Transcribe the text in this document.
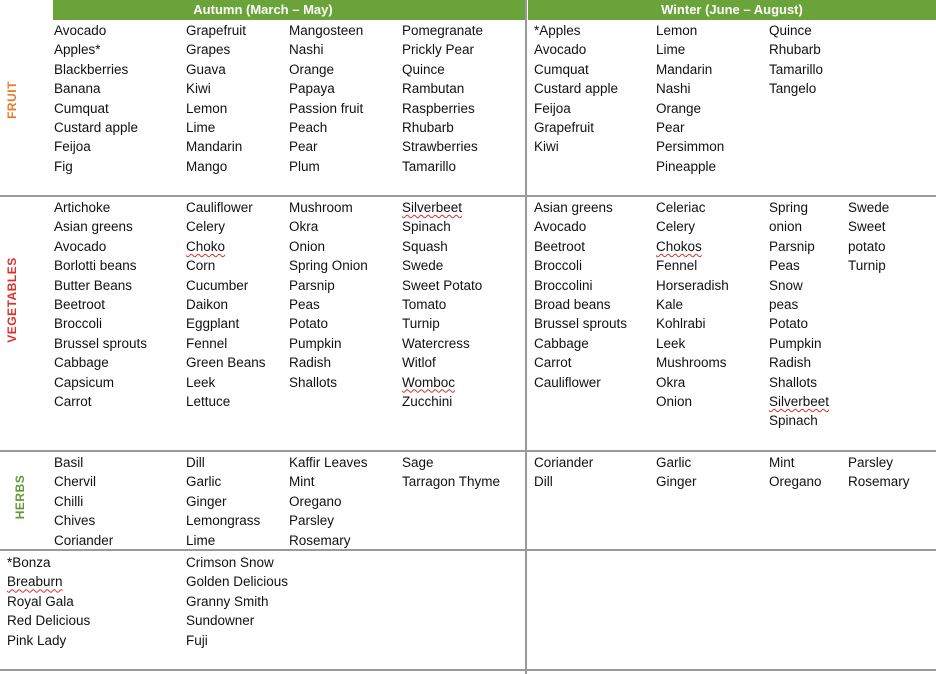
Autumn (March – May)	Winter (June – August)
FRUIT
VEGETABLES
HERBS
Avocado
Apples*
Blackberries
Banana
Cumquat
Custard apple
Feijoa
Fig
Grapefruit
Grapes
Guava
Kiwi
Lemon
Lime
Mandarin
Mango
Mangosteen
Nashi
Orange
Papaya
Passion fruit
Peach
Pear
Plum
Pomegranate
Prickly Pear
Quince
Rambutan
Raspberries
Rhubarb
Strawberries
Tamarillo
*Apples
Avocado
Cumquat
Custard apple
Feijoa
Grapefruit
Kiwi
Lemon
Lime
Mandarin
Nashi
Orange
Pear
Persimmon
Pineapple
Quince
Rhubarb
Tamarillo
Tangelo
Artichoke
Asian greens
Avocado
Borlotti beans
Butter Beans
Beetroot
Broccoli
Brussel sprouts
Cabbage
Capsicum
Carrot
Cauliflower
Celery
Choko
Corn
Cucumber
Daikon
Eggplant
Fennel
Green Beans
Leek
Lettuce
Mushroom
Okra
Onion
Spring Onion
Parsnip
Peas
Potato
Pumpkin
Radish
Shallots
Silverbeet
Spinach
Squash
Swede
Sweet Potato
Tomato
Turnip
Watercress
Witlof
Womboc
Zucchini
Asian greens
Avocado
Beetroot
Broccoli
Broccolini
Broad beans
Brussel sprouts
Cabbage
Carrot
Cauliflower
Celeriac
Celery
Chokos
Fennel
Horseradish
Kale
Kohlrabi
Leek
Mushrooms
Okra
Onion
Spring
onion
Parsnip
Peas
Snow
peas
Potato
Pumpkin
Radish
Shallots
Silverbeet
Spinach
Swede
Sweet
potato
Turnip
Basil
Chervil
Chilli
Chives
Coriander
Dill
Garlic
Ginger
Lemongrass
Lime
Kaffir Leaves
Mint
Oregano
Parsley
Rosemary
Sage
Tarragon Thyme
Coriander
Dill
Garlic
Ginger
Mint
Oregano
Parsley
Rosemary
*Bonza
Breaburn
Royal Gala
Red Delicious
Pink Lady
Crimson Snow
Golden Delicious
Granny Smith
Sundowner
Fuji
